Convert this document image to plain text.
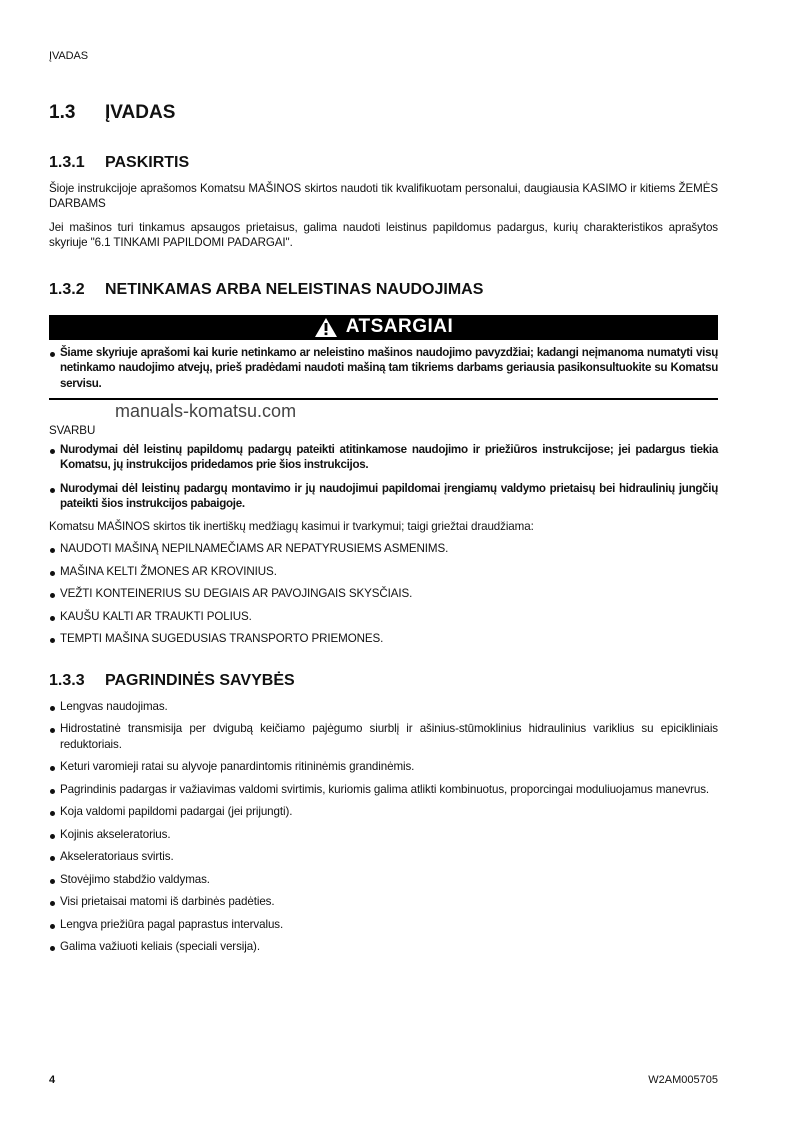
ĮVADAS
1.3 ĮVADAS
1.3.1 PASKIRTIS
Šioje instrukcijoje aprašomos Komatsu MAŠINOS skirtos naudoti tik kvalifikuotam personalui, daugiausia KASIMO ir kitiems ŽEMĖS DARBAMS
Jei mašinos turi tinkamus apsaugos prietaisus, galima naudoti leistinus papildomus padargus, kurių charakteristikos aprašytos skyriuje "6.1 TINKAMI PAPILDOMI PADARGAI".
1.3.2 NETINKAMAS ARBA NELEISTINAS NAUDOJIMAS
ATSARGIAI
Šiame skyriuje aprašomi kai kurie netinkamo ar neleistino mašinos naudojimo pavyzdžiai; kadangi neįmanoma numatyti visų netinkamo naudojimo atvejų, prieš pradėdami naudoti mašiną tam tikriems darbams geriausia pasikonsultuokite su Komatsu servisu.
manuals-komatsu.com
SVARBU
Nurodymai dėl leistinų papildomų padargų pateikti atitinkamose naudojimo ir priežiūros instrukcijose; jei padargus tiekia Komatsu, jų instrukcijos pridedamos prie šios instrukcijos.
Nurodymai dėl leistinų padargų montavimo ir jų naudojimui papildomai įrengiamų valdymo prietaisų bei hidraulinių jungčių pateikti šios instrukcijos pabaigoje.
Komatsu MAŠINOS skirtos tik inertiškų medžiagų kasimui ir tvarkymui; taigi griežtai draudžiama:
NAUDOTI MAŠINĄ NEPILNAMEČIAMS AR NEPATYRUSIEMS ASMENIMS.
MAŠINA KELTI ŽMONES AR KROVINIUS.
VEŽTI KONTEINERIUS SU DEGIAIS AR PAVOJINGAIS SKYSČIAIS.
KAUŠU KALTI AR TRAUKTI POLIUS.
TEMPTI MAŠINA SUGEDUSIAS TRANSPORTO PRIEMONES.
1.3.3 PAGRINDINĖS SAVYBĖS
Lengvas naudojimas.
Hidrostatinė transmisija per dvigubą keičiamo pajėgumo siurblį ir ašinius-stūmoklinius hidraulinius variklius su epicikliniais reduktoriais.
Keturi varomieji ratai su alyvoje panardintomis ritininėmis grandinėmis.
Pagrindinis padargas ir važiavimas valdomi svirtimis, kuriomis galima atlikti kombinuotus, proporcingai moduliuojamus manevrus.
Koja valdomi papildomi padargai (jei prijungti).
Kojinis akseleratorius.
Akseleratoriaus svirtis.
Stovėjimo stabdžio valdymas.
Visi prietaisai matomi iš darbinės padėties.
Lengva priežiūra pagal paprastus intervalus.
Galima važiuoti keliais (speciali versija).
4	W2AM005705
